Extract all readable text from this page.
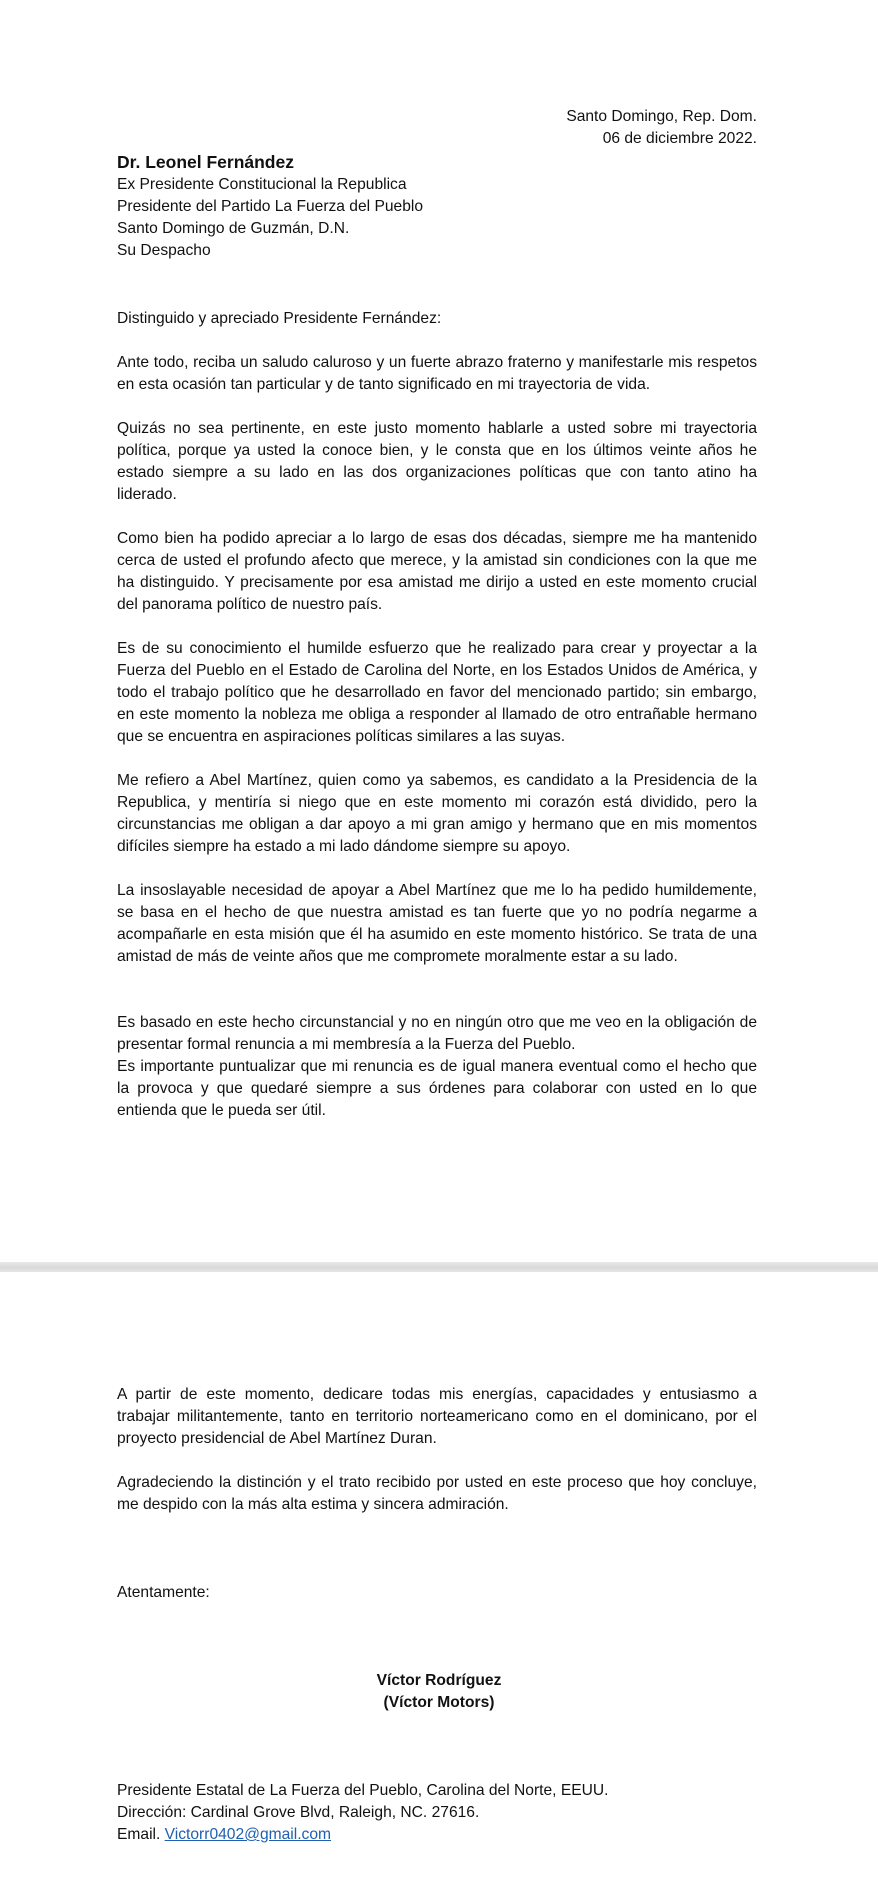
Santo Domingo, Rep. Dom.
06 de diciembre 2022.
Dr. Leonel Fernández
Ex Presidente Constitucional la Republica
Presidente del Partido La Fuerza del Pueblo
Santo Domingo de Guzmán, D.N.
Su Despacho
Distinguido y apreciado Presidente Fernández:

Ante todo, reciba un saludo caluroso y un fuerte abrazo fraterno y manifestarle mis respetos en esta ocasión tan particular y de tanto significado en mi trayectoria de vida.

Quizás no sea pertinente, en este justo momento hablarle a usted sobre mi trayectoria política, porque ya usted la conoce bien, y le consta que en los últimos veinte años he estado siempre a su lado en las dos organizaciones políticas que con tanto atino ha liderado.

Como bien ha podido apreciar a lo largo de esas dos décadas, siempre me ha mantenido cerca de usted el profundo afecto que merece, y la amistad sin condiciones con la que me ha distinguido. Y precisamente por esa amistad me dirijo a usted en este momento crucial del panorama político de nuestro país.

Es de su conocimiento el humilde esfuerzo que he realizado para crear y proyectar a la Fuerza del Pueblo en el Estado de Carolina del Norte, en los Estados Unidos de América, y todo el trabajo político que he desarrollado en favor del mencionado partido; sin embargo, en este momento la nobleza me obliga a responder al llamado de otro entrañable hermano que se encuentra en aspiraciones políticas similares a las suyas.

Me refiero a Abel Martínez, quien como ya sabemos, es candidato a la Presidencia de la Republica, y mentiría si niego que en este momento mi corazón está dividido, pero la circunstancias me obligan a dar apoyo a mi gran amigo y hermano que en mis momentos difíciles siempre ha estado a mi lado dándome siempre su apoyo.

La insoslayable necesidad de apoyar a Abel Martínez que me lo ha pedido humildemente, se basa en el hecho de que nuestra amistad es tan fuerte que yo no podría negarme a acompañarle en esta misión que él ha asumido en este momento histórico. Se trata de una amistad de más de veinte años que me compromete moralmente estar a su lado.

Es basado en este hecho circunstancial y no en ningún otro que me veo en la obligación de presentar formal renuncia a mi membresía a la Fuerza del Pueblo.

Es importante puntualizar que mi renuncia es de igual manera eventual como el hecho que la provoca y que quedaré siempre a sus órdenes para colaborar con usted en lo que entienda que le pueda ser útil.

A partir de este momento, dedicare todas mis energías, capacidades y entusiasmo a trabajar militantemente, tanto en territorio norteamericano como en el dominicano, por el proyecto presidencial de Abel Martínez Duran.

Agradeciendo la distinción y el trato recibido por usted en este proceso que hoy concluye, me despido con la más alta estima y sincera admiración.

Atentamente:
Víctor Rodríguez
(Víctor Motors)
Presidente Estatal de La Fuerza del Pueblo, Carolina del Norte, EEUU.
Dirección: Cardinal Grove Blvd, Raleigh, NC. 27616.
Email. Victorr0402@gmail.com
